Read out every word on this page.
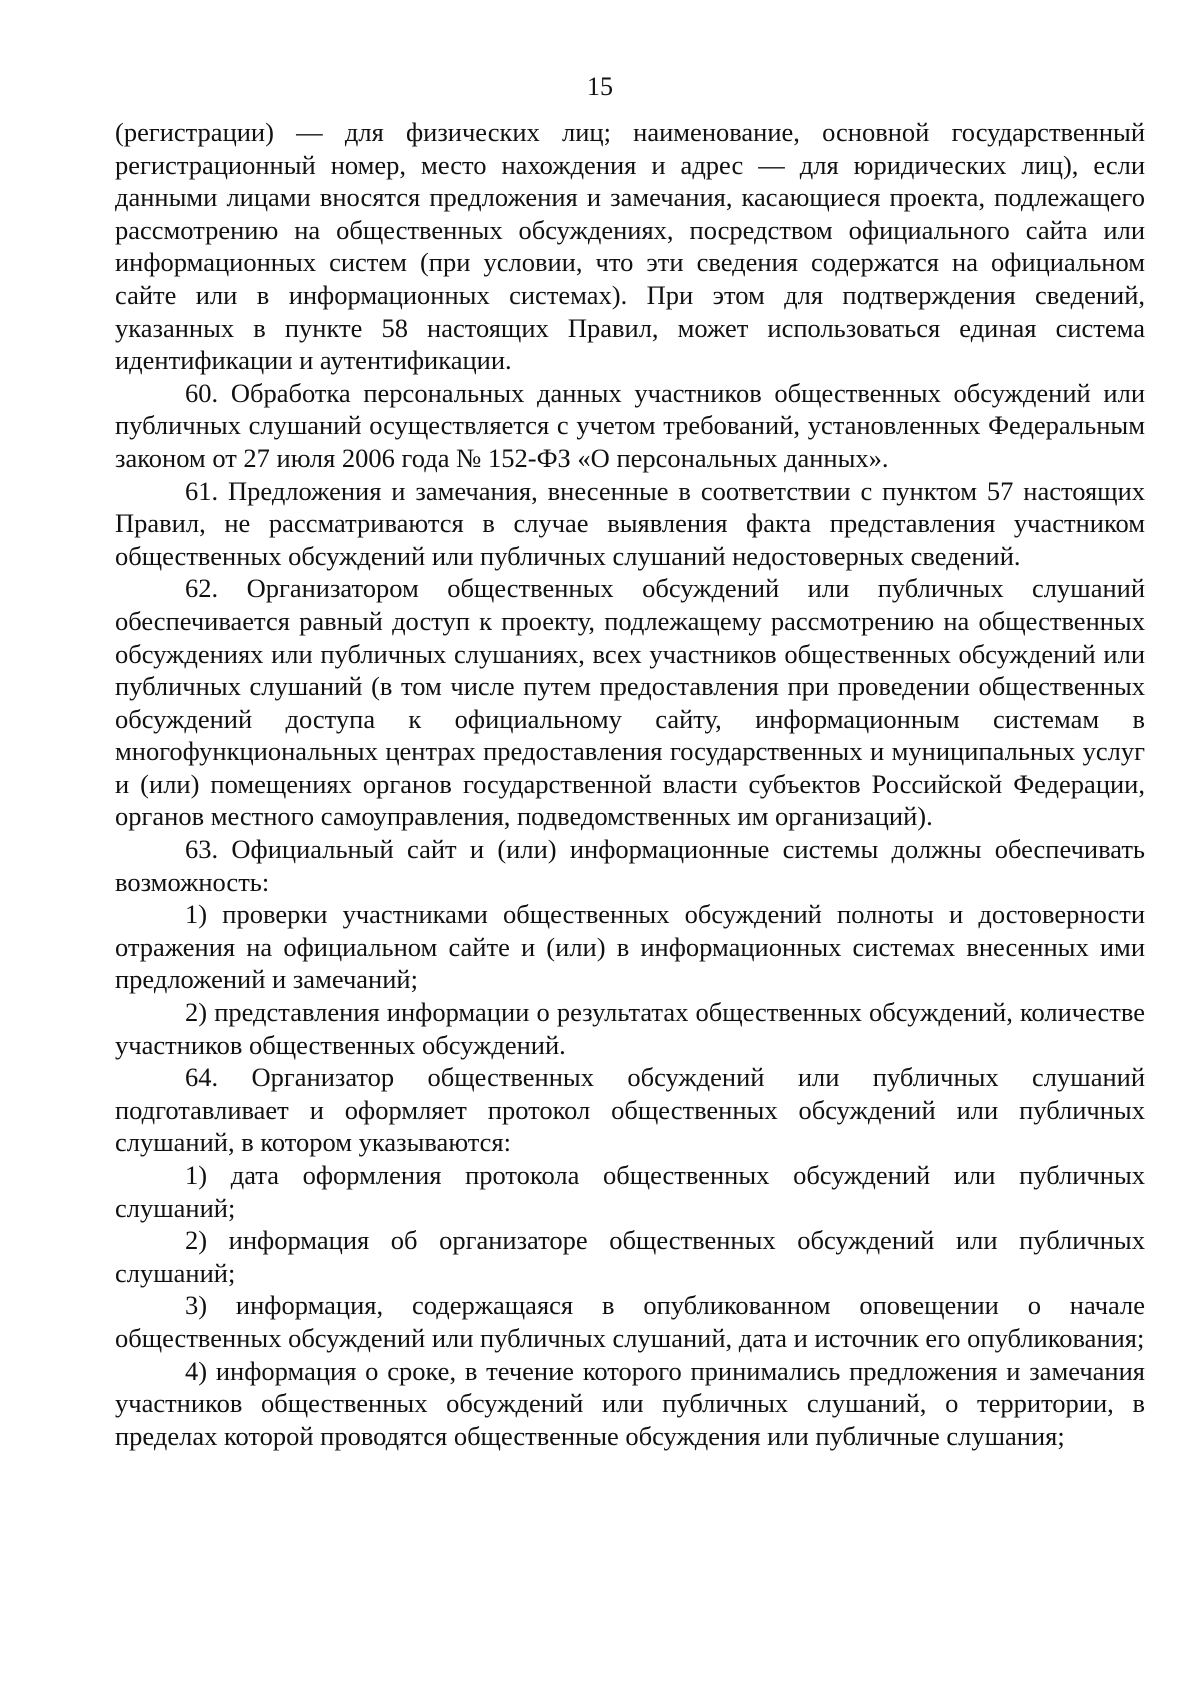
15

(регистрации) — для физических лиц; наименование, основной государственный регистрационный номер, место нахождения и адрес — для юридических лиц), если данными лицами вносятся предложения и замечания, касающиеся проекта, подлежащего рассмотрению на общественных обсуждениях, посредством официального сайта или информационных систем (при условии, что эти сведения содержатся на официальном сайте или в информационных системах). При этом для подтверждения сведений, указанных в пункте 58 настоящих Правил, может использоваться единая система идентификации и аутентификации.

60. Обработка персональных данных участников общественных обсуждений или публичных слушаний осуществляется с учетом требований, установленных Федеральным законом от 27 июля 2006 года № 152-ФЗ «О персональных данных».

61. Предложения и замечания, внесенные в соответствии с пунктом 57 настоящих Правил, не рассматриваются в случае выявления факта представления участником общественных обсуждений или публичных слушаний недостоверных сведений.

62. Организатором общественных обсуждений или публичных слушаний обеспечивается равный доступ к проекту, подлежащему рассмотрению на общественных обсуждениях или публичных слушаниях, всех участников общественных обсуждений или публичных слушаний (в том числе путем предоставления при проведении общественных обсуждений доступа к официальному сайту, информационным системам в многофункциональных центрах предоставления государственных и муниципальных услуг и (или) помещениях органов государственной власти субъектов Российской Федерации, органов местного самоуправления, подведомственных им организаций).

63. Официальный сайт и (или) информационные системы должны обеспечивать возможность:

1) проверки участниками общественных обсуждений полноты и достоверности отражения на официальном сайте и (или) в информационных системах внесенных ими предложений и замечаний;

2) представления информации о результатах общественных обсуждений, количестве участников общественных обсуждений.

64. Организатор общественных обсуждений или публичных слушаний подготавливает и оформляет протокол общественных обсуждений или публичных слушаний, в котором указываются:

1) дата оформления протокола общественных обсуждений или публичных слушаний;

2) информация об организаторе общественных обсуждений или публичных слушаний;

3) информация, содержащаяся в опубликованном оповещении о начале общественных обсуждений или публичных слушаний, дата и источник его опубликования;

4) информация о сроке, в течение которого принимались предложения и замечания участников общественных обсуждений или публичных слушаний, о территории, в пределах которой проводятся общественные обсуждения или публичные слушания;
